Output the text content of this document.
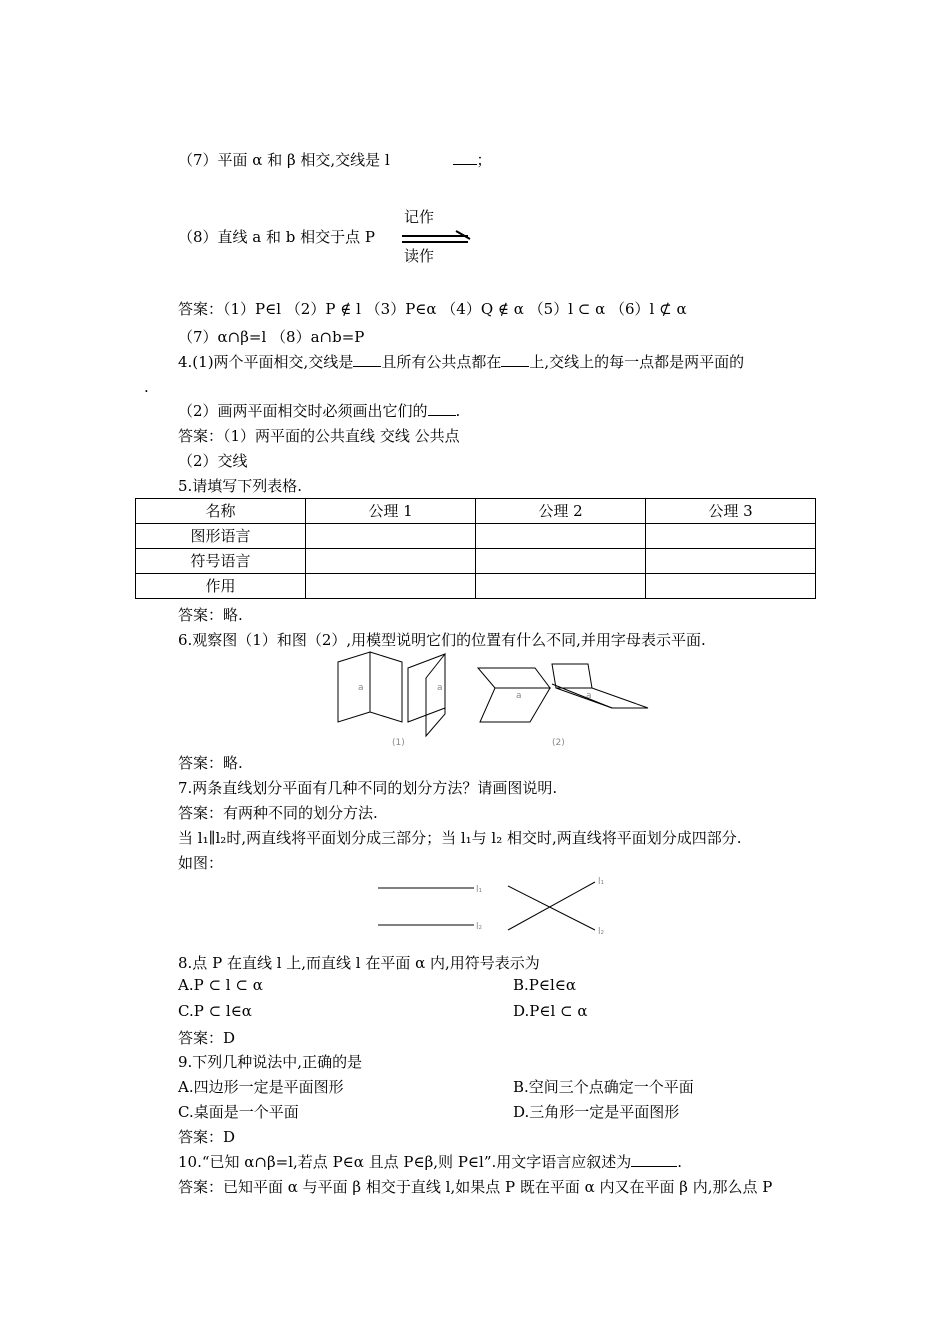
（7）平面 α 和 β 相交,交线是 l	；
（8）直线 a 和 b 相交于点 P
记作
读作
答案：（1）P∈l （2）P ∉ l （3）P∈α （4）Q ∉ α （5）l ⊂ α （6）l ⊄ α
（7）α∩β=l （8）a∩b=P
4.(1)两个平面相交,交线是 且所有公共点都在 上,交线上的每一点都是两平面的
.
（2）画两平面相交时必须画出它们的 .
答案：（1）两平面的公共直线 交线 公共点
（2）交线
5.请填写下列表格.
名称	公理 1	公理 2	公理 3
图形语言			
符号语言			
作用			
答案：略.
6.观察图（1）和图（2）,用模型说明它们的位置有什么不同,并用字母表示平面.
a	a
(1)
a	a
(2)
答案：略.
7.两条直线划分平面有几种不同的划分方法？请画图说明.
答案：有两种不同的划分方法.
当 l₁∥l₂时,两直线将平面划分成三部分；当 l₁与 l₂ 相交时,两直线将平面划分成四部分.
如图：
l₁
l₂
l₁
l₂
8.点 P 在直线 l 上,而直线 l 在平面 α 内,用符号表示为
A.P ⊂ l ⊂ α	B.P∈l∈α
C.P ⊂ l∈α	D.P∈l ⊂ α
答案：D
9.下列几种说法中,正确的是
A.四边形一定是平面图形	B.空间三个点确定一个平面
C.桌面是一个平面	D.三角形一定是平面图形
答案：D
10.“已知 α∩β=l,若点 P∈α 且点 P∈β,则 P∈l”.用文字语言应叙述为	.
答案：已知平面 α 与平面 β 相交于直线 l,如果点 P 既在平面 α 内又在平面 β 内,那么点 P
